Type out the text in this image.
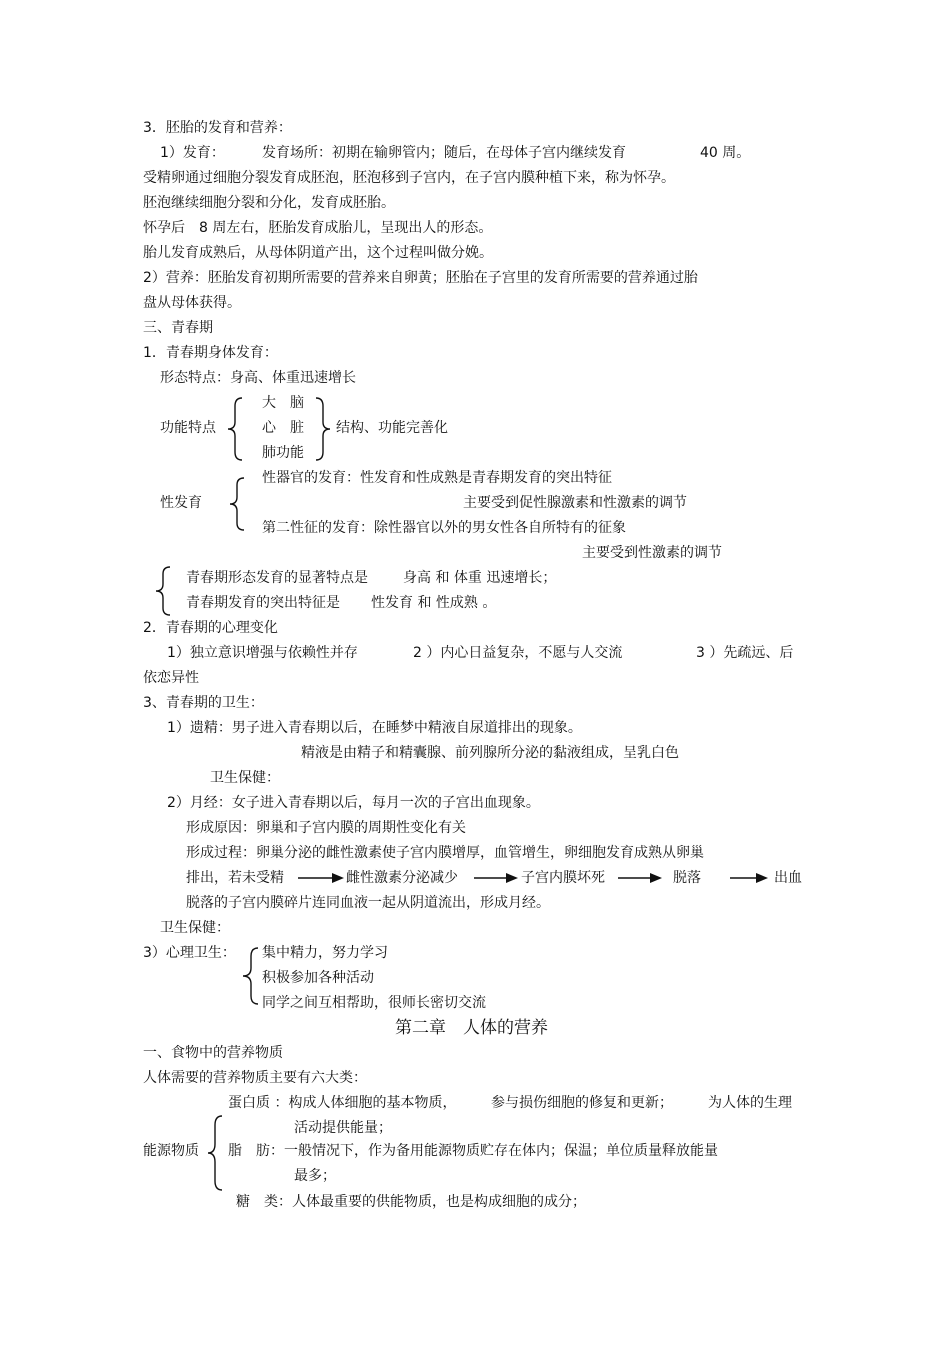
3．胚胎的发育和营养：
1）发育：	发育场所：初期在输卵管内；随后，在母体子宫内继续发育	40 周。
受精卵通过细胞分裂发育成胚泡，胚泡移到子宫内，在子宫内膜种植下来，称为怀孕。
胚泡继续细胞分裂和分化，发育成胚胎。
怀孕后　8 周左右，胚胎发育成胎儿，呈现出人的形态。
胎儿发育成熟后，从母体阴道产出，这个过程叫做分娩。
2）营养：胚胎发育初期所需要的营养来自卵黄；胚胎在子宫里的发育所需要的营养通过胎
盘从母体获得。
三、青春期
1．青春期身体发育：
形态特点：身高、体重迅速增长
大　脑
功能特点	心　脏 结构、功能完善化
肺功能
性器官的发育：性发育和性成熟是青春期发育的突出特征
性发育	主要受到促性腺激素和性激素的调节
第二性征的发育：除性器官以外的男女性各自所特有的征象
主要受到性激素的调节
青春期形态发育的显著特点是	身高 和 体重 迅速增长；
青春期发育的突出特征是 性发育 和 性成熟 。
2．青春期的心理变化
1）独立意识增强与依赖性并存	2 ）内心日益复杂，不愿与人交流	3 ）先疏远、后
依恋异性
3、青春期的卫生：
1）遗精：男子进入青春期以后，在睡梦中精液自尿道排出的现象。
精液是由精子和精囊腺、前列腺所分泌的黏液组成，呈乳白色
卫生保健：
2）月经：女子进入青春期以后，每月一次的子宫出血现象。
形成原因：卵巢和子宫内膜的周期性变化有关
形成过程：卵巢分泌的雌性激素使子宫内膜增厚，血管增生，卵细胞发育成熟从卵巢
排出，若未受精	雌性激素分泌减少	子宫内膜坏死	脱落	出血
脱落的子宫内膜碎片连同血液一起从阴道流出，形成月经。
卫生保健：
3）心理卫生： 集中精力，努力学习
积极参加各种活动
同学之间互相帮助，很师长密切交流
第二章　人体的营养
一、食物中的营养物质
人体需要的营养物质主要有六大类：
蛋白质 ：构成人体细胞的基本物质， 参与损伤细胞的修复和更新；	为人体的生理
活动提供能量；
能源物质 脂　肪：一般情况下，作为备用能源物质贮存在体内；保温；单位质量释放能量
最多；
糖　类：人体最重要的供能物质，也是构成细胞的成分；
